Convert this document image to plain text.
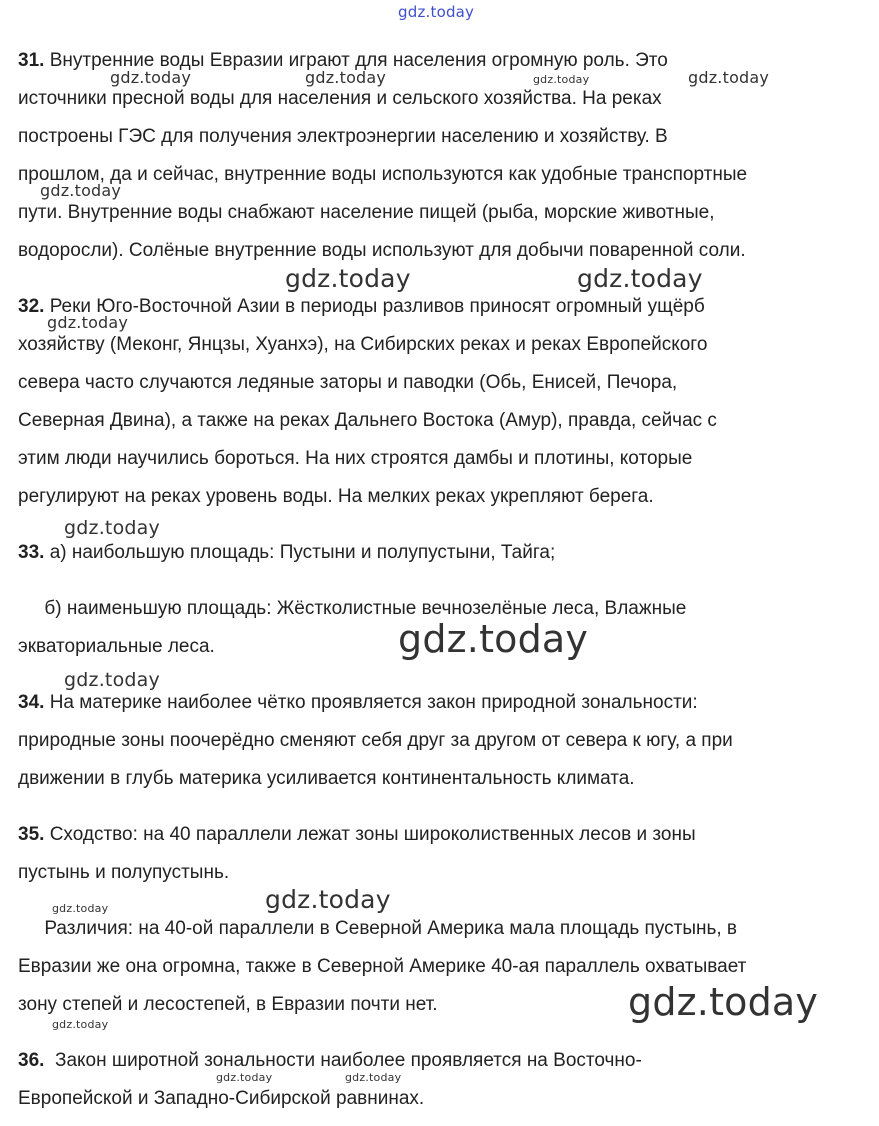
gdz.today
gdz.today	gdz.today	gdz.today	gdz.today
gdz.today
gdz.today	gdz.today
gdz.today
gdz.today
gdz.today
gdz.today
gdz.today
gdz.today
gdz.today
gdz.today
gdz.today	gdz.today
31. Внутренние воды Евразии играют для населения огромную роль. Это
источники пресной воды для населения и сельского хозяйства. На реках
построены ГЭС для получения электроэнергии населению и хозяйству. В
прошлом, да и сейчас, внутренние воды используются как удобные транспортные
пути. Внутренние воды снабжают население пищей (рыба, морские животные,
водоросли). Солёные внутренние воды используют для добычи поваренной соли.
32. Реки Юго-Восточной Азии в периоды разливов приносят огромный ущёрб
хозяйству (Меконг, Янцзы, Хуанхэ), на Сибирских реках и реках Европейского
севера часто случаются ледяные заторы и паводки (Обь, Енисей, Печора,
Северная Двина), а также на реках Дальнего Востока (Амур), правда, сейчас с
этим люди научились бороться. На них строятся дамбы и плотины, которые
регулируют на реках уровень воды. На мелких реках укрепляют берега.
33. а) наибольшую площадь: Пустыни и полупустыни, Тайга;
б) наименьшую площадь: Жёстколистные вечнозелёные леса, Влажные
экваториальные леса.
34. На материке наиболее чётко проявляется закон природной зональности:
природные зоны поочерёдно сменяют себя друг за другом от севера к югу, а при
движении в глубь материка усиливается континентальность климата.
35. Сходство: на 40 параллели лежат зоны широколиственных лесов и зоны
пустынь и полупустынь.
Различия: на 40-ой параллели в Северной Америка мала площадь пустынь, в
Евразии же она огромна, также в Северной Америке 40-ая параллель охватывает
зону степей и лесостепей, в Евразии почти нет.
36.  Закон широтной зональности наиболее проявляется на Восточно-
Европейской и Западно-Сибирской равнинах.
